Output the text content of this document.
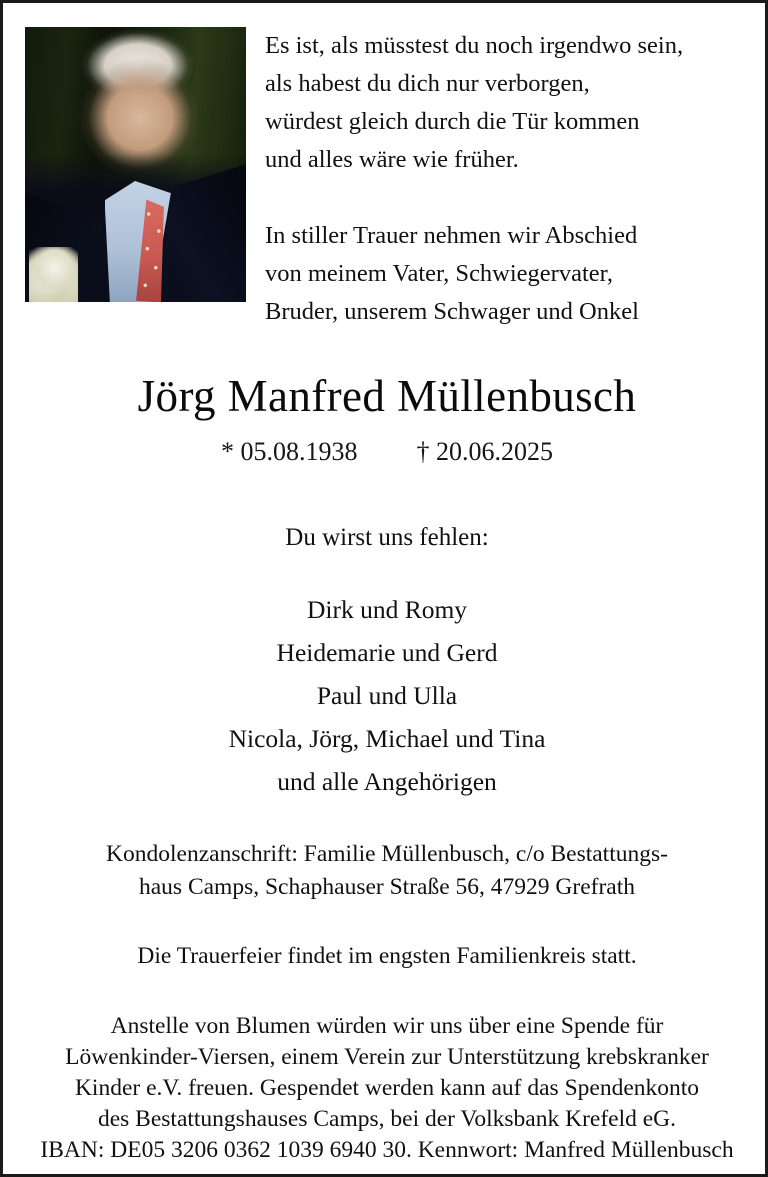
Es ist, als müsstest du noch irgendwo sein,

als habest du dich nur verborgen,

würdest gleich durch die Tür kommen

und alles wäre wie früher.

In stiller Trauer nehmen wir Abschied

von meinem Vater, Schwiegervater,

Bruder, unserem Schwager und Onkel

Jörg Manfred Müllenbusch
* 05.08.1938 † 20.06.2025
Du wirst uns fehlen:
Dirk und Romy
Heidemarie und Gerd
Paul und Ulla
Nicola, Jörg, Michael und Tina
und alle Angehörigen
Kondolenzanschrift: Familie Müllenbusch, c/o Bestattungs-
haus Camps, Schaphauser Straße 56, 47929 Grefrath
Die Trauerfeier findet im engsten Familienkreis statt.
Anstelle von Blumen würden wir uns über eine Spende für
Löwenkinder-Viersen, einem Verein zur Unterstützung krebskranker
Kinder e.V. freuen. Gespendet werden kann auf das Spendenkonto
des Bestattungshauses Camps, bei der Volksbank Krefeld eG.
IBAN: DE05 3206 0362 1039 6940 30. Kennwort: Manfred Müllenbusch
